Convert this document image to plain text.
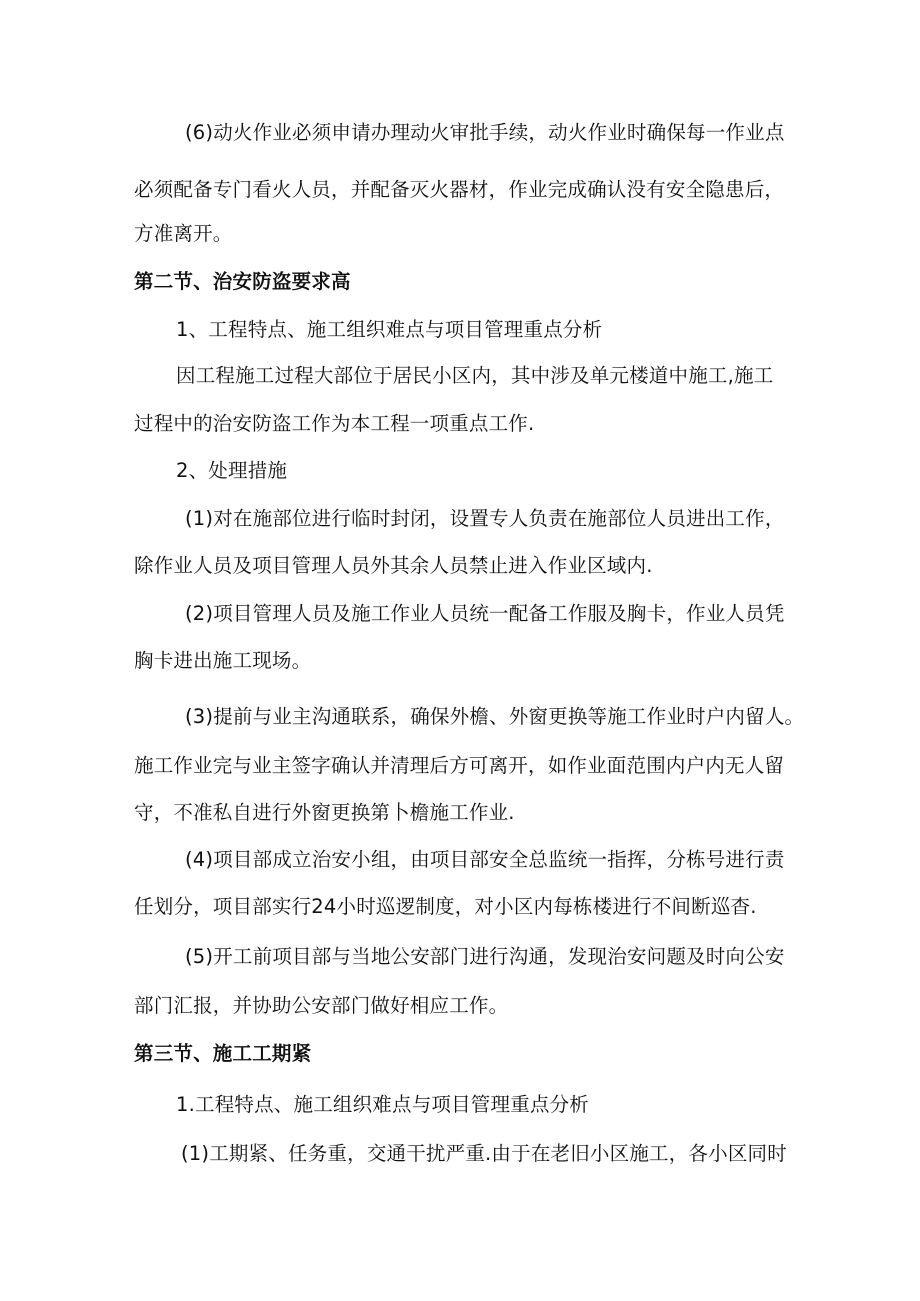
(6)动火作业必须申请办理动火审批手续，动火作业时确保每一作业点
必须配备专门看火人员，并配备灭火器材，作业完成确认没有安全隐患后，
方准离开。
第二节、治安防盗要求高
1、工程特点、施工组织难点与项目管理重点分析
因工程施工过程大部位于居民小区内，其中涉及单元楼道中施工,施工
过程中的治安防盗工作为本工程一项重点工作.
2、处理措施
(1)对在施部位进行临时封闭，设置专人负责在施部位人员进出工作，
除作业人员及项目管理人员外其余人员禁止进入作业区域内.
(2)项目管理人员及施工作业人员统一配备工作服及胸卡，作业人员凭
胸卡进出施工现场。
(3)提前与业主沟通联系，确保外檐、外窗更换等施工作业时户内留人。
施工作业完与业主签字确认并清理后方可离开，如作业面范围内户内无人留
守，不准私自进行外窗更换第卜檐施工作业.
(4)项目部成立治安小组，由项目部安全总监统一指挥，分栋号进行责
任划分，项目部实行24小时巡逻制度，对小区内每栋楼进行不间断巡杳.
(5)开工前项目部与当地公安部门进行沟通，发现治安问题及时向公安
部门汇报，并协助公安部门做好相应工作。
第三节、施工工期紧
1.工程特点、施工组织难点与项目管理重点分析
(1)工期紧、任务重，交通干扰严重.由于在老旧小区施工，各小区同时
